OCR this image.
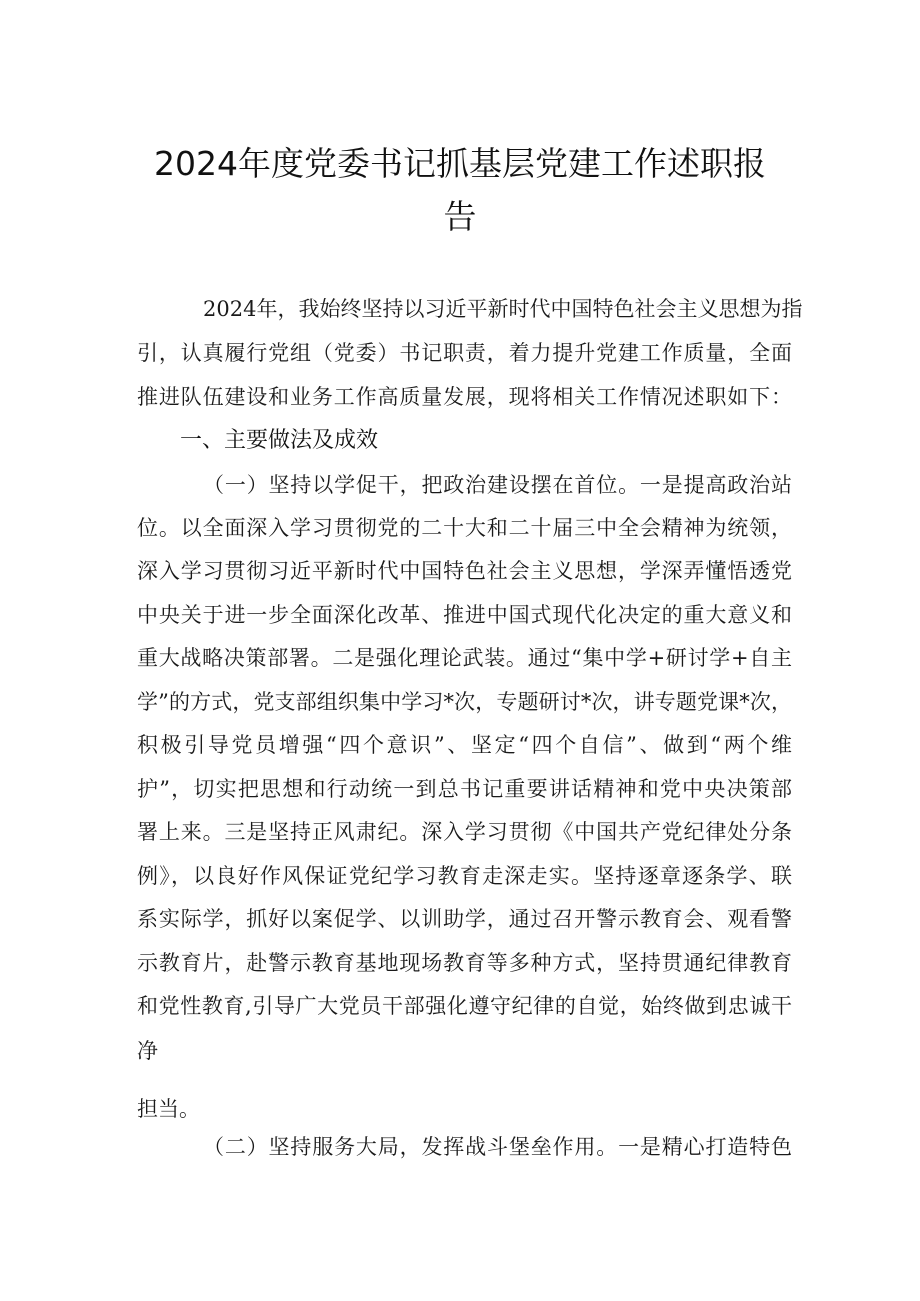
2024年度党委书记抓基层党建工作述职报
告
2024年，我始终坚持以习近平新时代中国特色社会主义思想为指
引，认真履行党组（党委）书记职责，着力提升党建工作质量，全面
推进队伍建设和业务工作高质量发展，现将相关工作情况述职如下：
一、主要做法及成效
（一）坚持以学促干，把政治建设摆在首位。一是提高政治站
位。以全面深入学习贯彻党的二十大和二十届三中全会精神为统领，
深入学习贯彻习近平新时代中国特色社会主义思想，学深弄懂悟透党
中央关于进一步全面深化改革、推进中国式现代化决定的重大意义和
重大战略决策部署。二是强化理论武装。通过“集中学+研讨学+自主
学”的方式，党支部组织集中学习*次，专题研讨*次，讲专题党课*次，
积极引导党员增强“四个意识”、坚定“四个自信”、做到“两个维
护”，切实把思想和行动统一到总书记重要讲话精神和党中央决策部
署上来。三是坚持正风肃纪。深入学习贯彻《中国共产党纪律处分条
例》，以良好作风保证党纪学习教育走深走实。坚持逐章逐条学、联
系实际学，抓好以案促学、以训助学，通过召开警示教育会、观看警
示教育片，赴警示教育基地现场教育等多种方式，坚持贯通纪律教育
和党性教育,引导广大党员干部强化遵守纪律的自觉，始终做到忠诚干
净
担当。
（二）坚持服务大局，发挥战斗堡垒作用。一是精心打造特色
